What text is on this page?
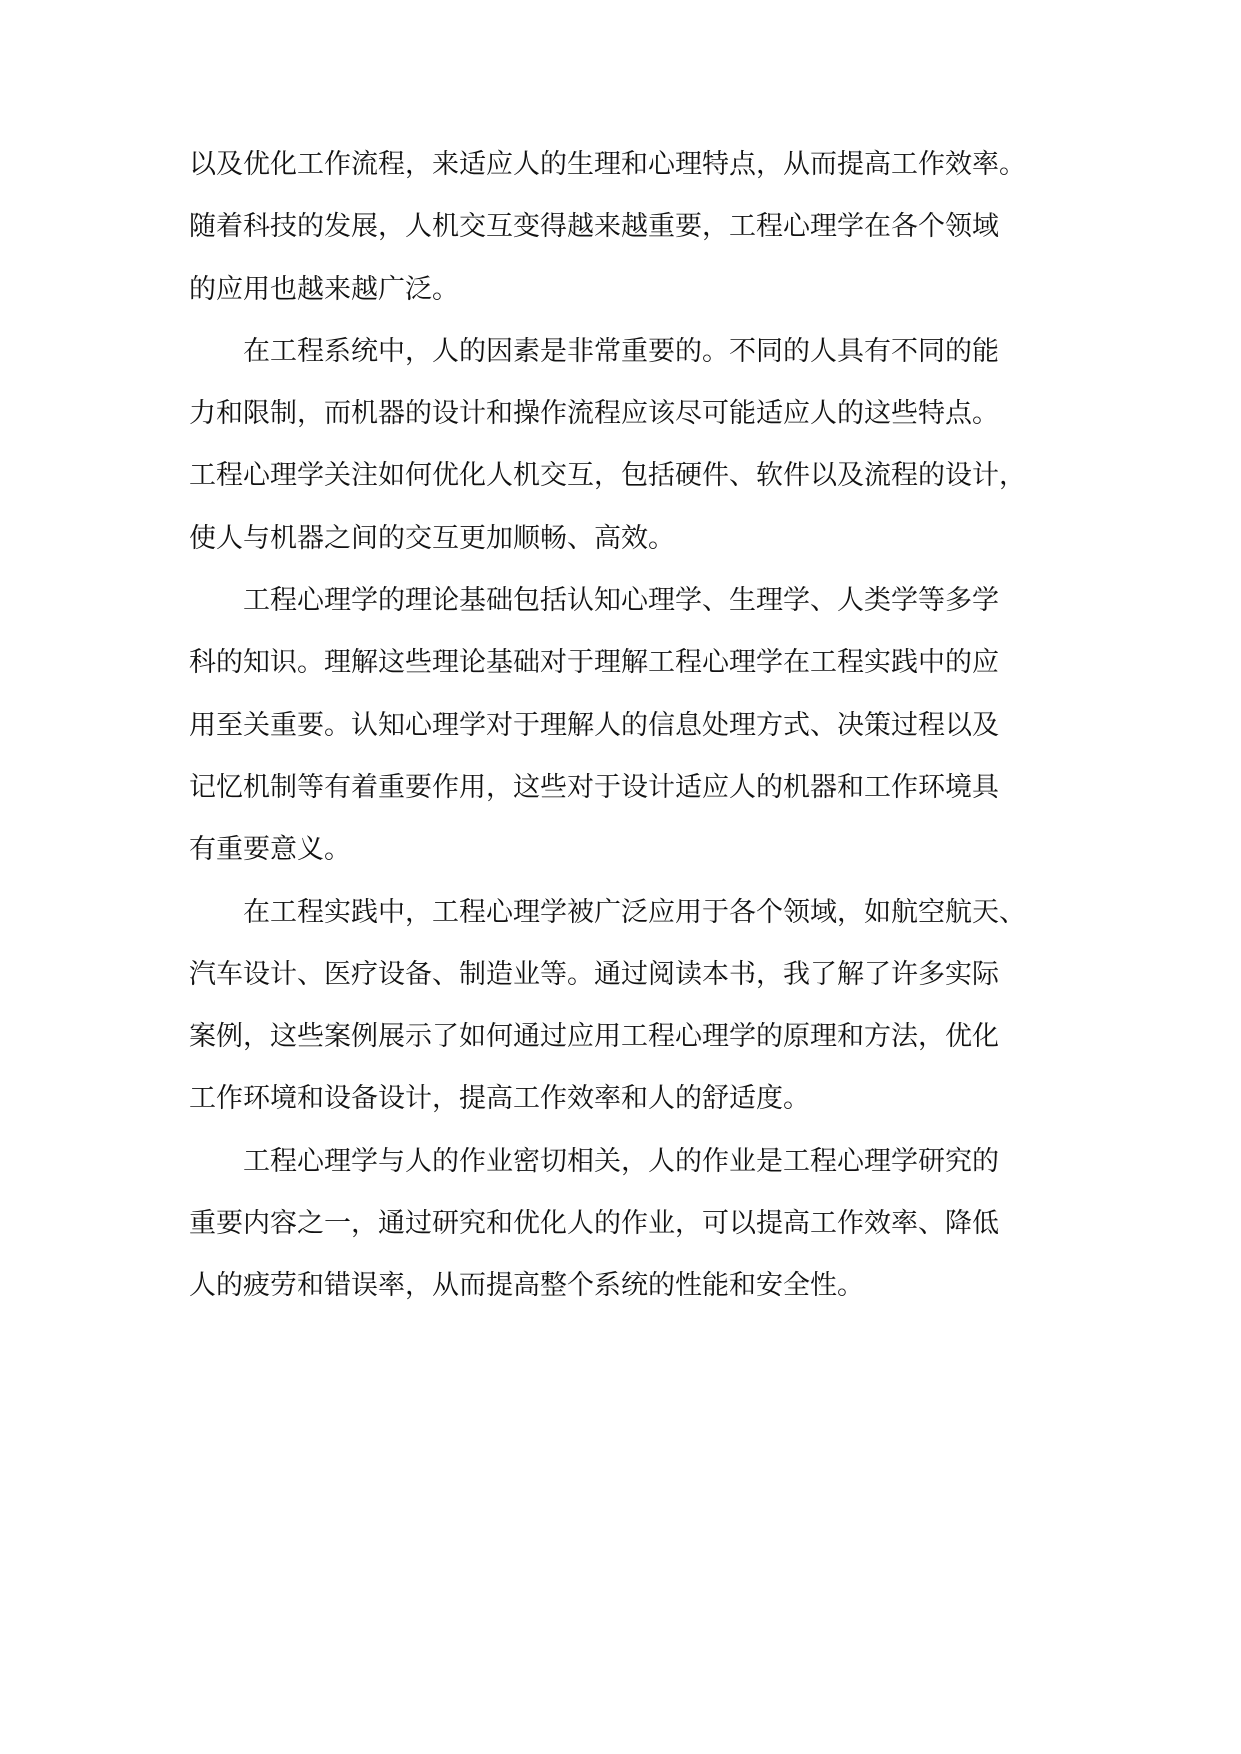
以及优化工作流程，来适应人的生理和心理特点，从而提高工作效率。
随着科技的发展，人机交互变得越来越重要，工程心理学在各个领域
的应用也越来越广泛。

在工程系统中，人的因素是非常重要的。不同的人具有不同的能
力和限制，而机器的设计和操作流程应该尽可能适应人的这些特点。
工程心理学关注如何优化人机交互，包括硬件、软件以及流程的设计，
使人与机器之间的交互更加顺畅、高效。

工程心理学的理论基础包括认知心理学、生理学、人类学等多学
科的知识。理解这些理论基础对于理解工程心理学在工程实践中的应
用至关重要。认知心理学对于理解人的信息处理方式、决策过程以及
记忆机制等有着重要作用，这些对于设计适应人的机器和工作环境具
有重要意义。

在工程实践中，工程心理学被广泛应用于各个领域，如航空航天、
汽车设计、医疗设备、制造业等。通过阅读本书，我了解了许多实际
案例，这些案例展示了如何通过应用工程心理学的原理和方法，优化
工作环境和设备设计，提高工作效率和人的舒适度。

工程心理学与人的作业密切相关，人的作业是工程心理学研究的
重要内容之一，通过研究和优化人的作业，可以提高工作效率、降低
人的疲劳和错误率，从而提高整个系统的性能和安全性。
